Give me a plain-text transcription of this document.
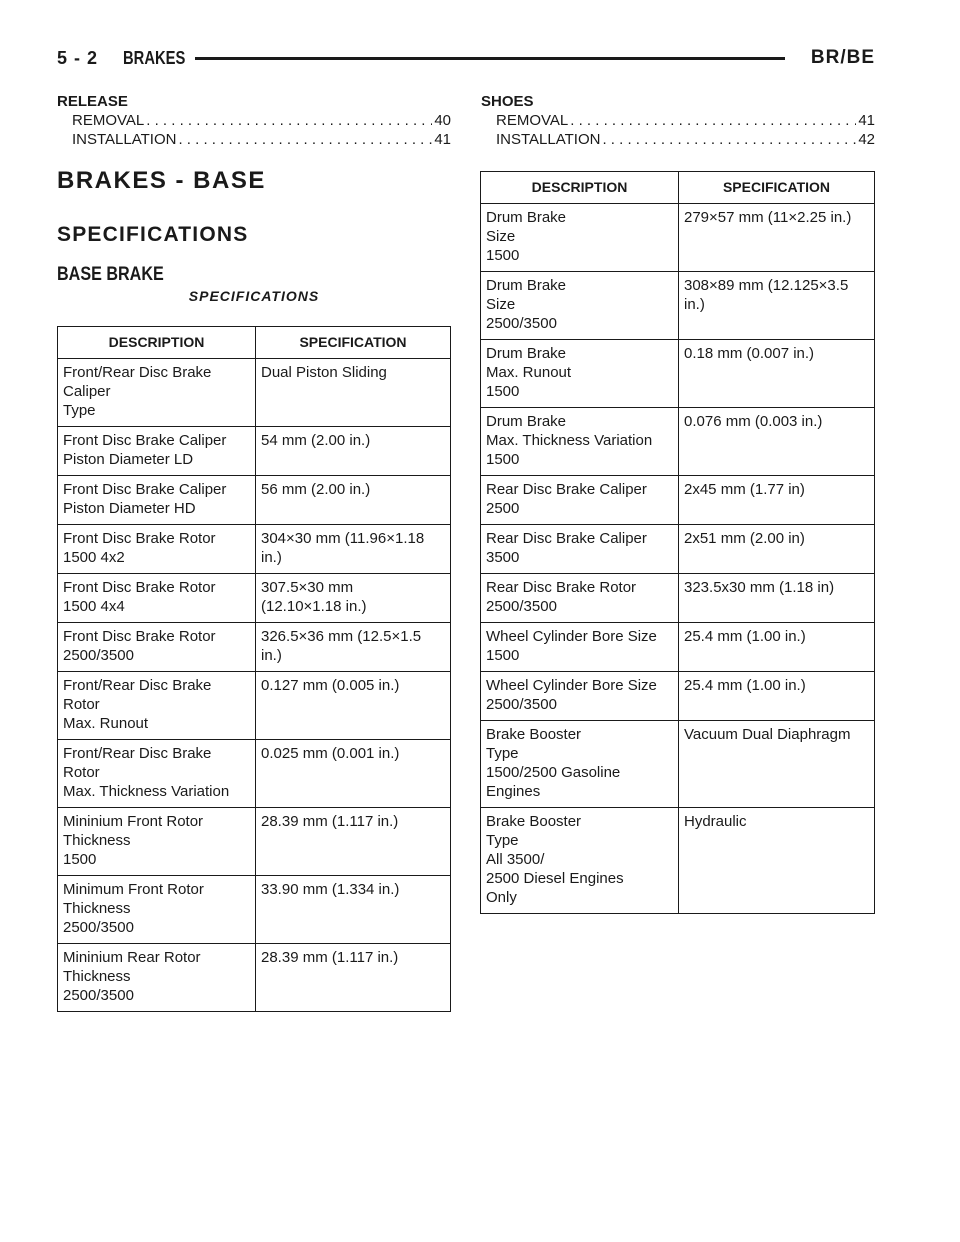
5 - 2 BRAKES	BR/BE
RELEASE
REMOVAL . . .	40
INSTALLATION . . .	41
SHOES
REMOVAL . . .	41
INSTALLATION . . .	42
BRAKES - BASE
SPECIFICATIONS
BASE BRAKE
SPECIFICATIONS
DESCRIPTION	SPECIFICATION

Front/Rear Disc Brake
Caliper
Type	Dual Piston Sliding

Front Disc Brake Caliper
Piston Diameter LD	54 mm (2.00 in.)

Front Disc Brake Caliper
Piston Diameter HD	56 mm (2.00 in.)

Front Disc Brake Rotor
1500 4x2	304×30 mm (11.96×1.18
in.)

Front Disc Brake Rotor
1500 4x4	307.5×30 mm
(12.10×1.18 in.)

Front Disc Brake Rotor
2500/3500	326.5×36 mm (12.5×1.5
in.)

Front/Rear Disc Brake
Rotor
Max. Runout	0.127 mm (0.005 in.)

Front/Rear Disc Brake
Rotor
Max. Thickness Variation	0.025 mm (0.001 in.)

Mininium Front Rotor
Thickness
1500	28.39 mm (1.117 in.)

Minimum Front Rotor
Thickness
2500/3500	33.90 mm (1.334 in.)

Mininium Rear Rotor
Thickness
2500/3500	28.39 mm (1.117 in.)
DESCRIPTION	SPECIFICATION

Drum Brake
Size
1500	279×57 mm (11×2.25 in.)

Drum Brake
Size
2500/3500	308×89 mm (12.125×3.5
in.)

Drum Brake
Max. Runout
1500	0.18 mm (0.007 in.)

Drum Brake
Max. Thickness Variation
1500	0.076 mm (0.003 in.)

Rear Disc Brake Caliper
2500	2x45 mm (1.77 in)

Rear Disc Brake Caliper
3500	2x51 mm (2.00 in)

Rear Disc Brake Rotor
2500/3500	323.5x30 mm (1.18 in)

Wheel Cylinder Bore Size
1500	25.4 mm (1.00 in.)

Wheel Cylinder Bore Size
2500/3500	25.4 mm (1.00 in.)

Brake Booster
Type
1500/2500 Gasoline
Engines	Vacuum Dual Diaphragm

Brake Booster
Type
All 3500/
2500 Diesel Engines
Only	Hydraulic
